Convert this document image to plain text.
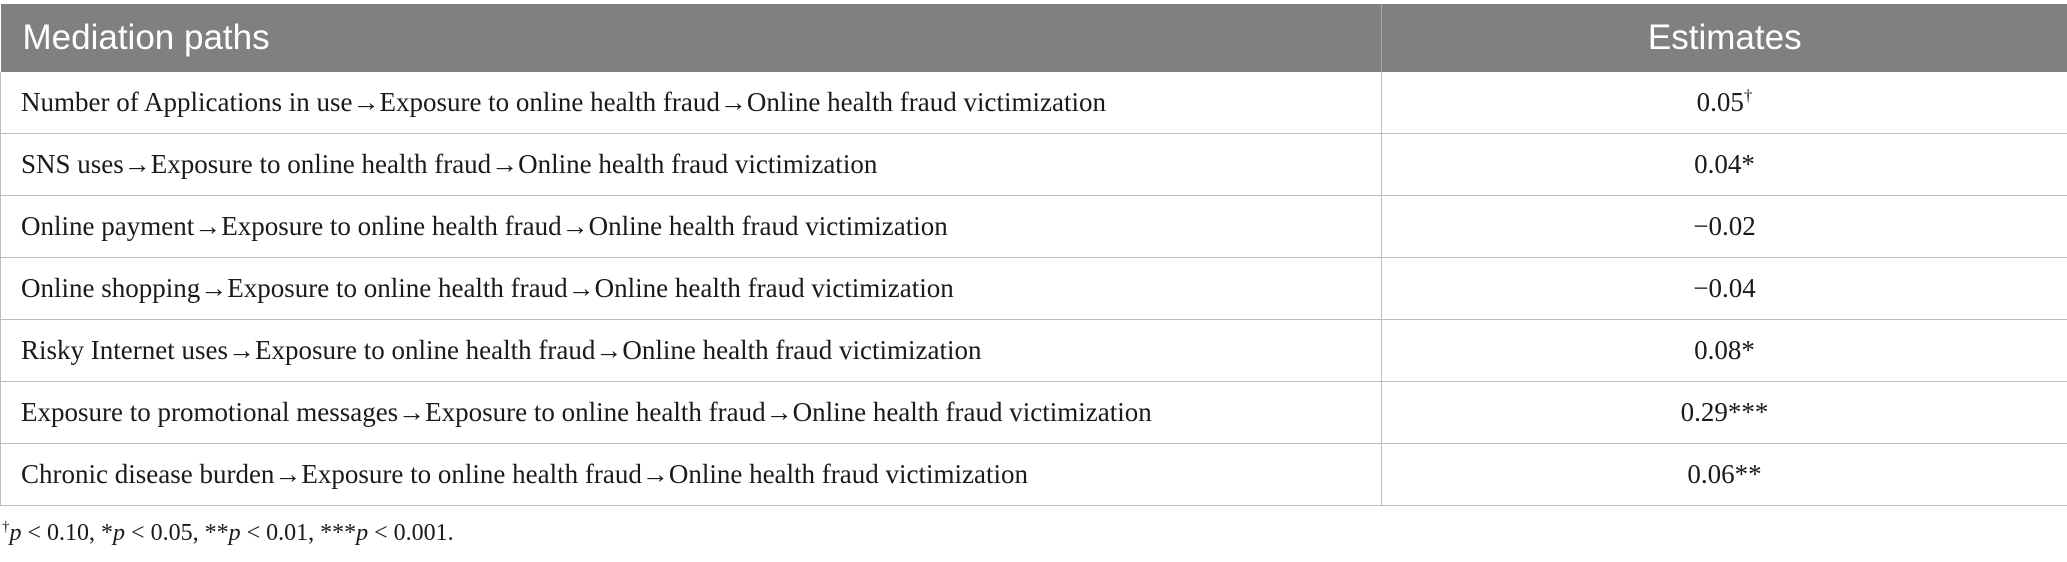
Mediation paths	Estimates
Number of Applications in use→Exposure to online health fraud→Online health fraud victimization	0.05†
SNS uses→Exposure to online health fraud→Online health fraud victimization	0.04*
Online payment→Exposure to online health fraud→Online health fraud victimization	−0.02
Online shopping→Exposure to online health fraud→Online health fraud victimization	−0.04
Risky Internet uses→Exposure to online health fraud→Online health fraud victimization	0.08*
Exposure to promotional messages→Exposure to online health fraud→Online health fraud victimization	0.29***
Chronic disease burden→Exposure to online health fraud→Online health fraud victimization	0.06**
†p < 0.10, *p < 0.05, **p < 0.01, ***p < 0.001.
